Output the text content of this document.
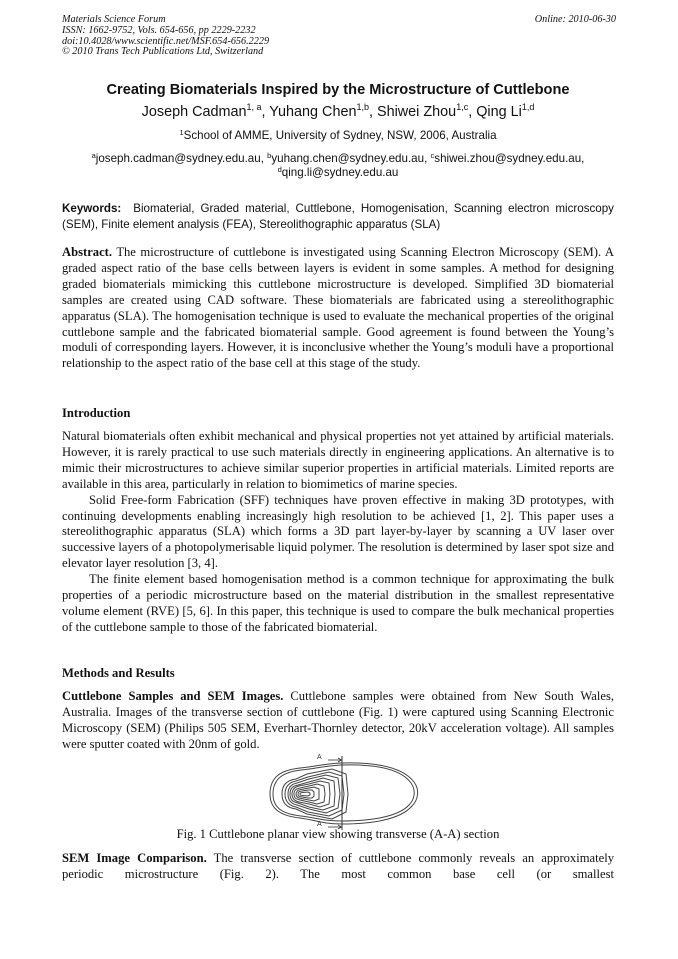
Materials Science Forum
ISSN: 1662-9752, Vols. 654-656, pp 2229-2232
doi:10.4028/www.scientific.net/MSF.654-656.2229
© 2010 Trans Tech Publications Ltd, Switzerland
Online: 2010-06-30
Creating Biomaterials Inspired by the Microstructure of Cuttlebone
Joseph Cadman$^{1, a}$, Yuhang Chen$^{1,b}$, Shiwei Zhou$^{1,c}$, Qing Li$^{1,d}$
$^1$School of AMME, University of Sydney, NSW, 2006, Australia
$^a$joseph.cadman@sydney.edu.au, $^b$yuhang.chen@sydney.edu.au, $^c$shiwei.zhou@sydney.edu.au,
$^d$qing.li@sydney.edu.au
Keywords: Biomaterial, Graded material, Cuttlebone, Homogenisation, Scanning electron microscopy (SEM), Finite element analysis (FEA), Stereolithographic apparatus (SLA)

Abstract. The microstructure of cuttlebone is investigated using Scanning Electron Microscopy (SEM). A graded aspect ratio of the base cells between layers is evident in some samples. A method for designing graded biomaterials mimicking this cuttlebone microstructure is developed. Simplified 3D biomaterial samples are created using CAD software. These biomaterials are fabricated using a stereolithographic apparatus (SLA). The homogenisation technique is used to evaluate the mechanical properties of the original cuttlebone sample and the fabricated biomaterial sample. Good agreement is found between the Young’s moduli of corresponding layers. However, it is inconclusive whether the Young’s moduli have a proportional relationship to the aspect ratio of the base cell at this stage of the study.

Introduction

Natural biomaterials often exhibit mechanical and physical properties not yet attained by artificial materials. However, it is rarely practical to use such materials directly in engineering applications. An alternative is to mimic their microstructures to achieve similar superior properties in artificial materials. Limited reports are available in this area, particularly in relation to biomimetics of marine species.

Solid Free-form Fabrication (SFF) techniques have proven effective in making 3D prototypes, with continuing developments enabling increasingly high resolution to be achieved [1, 2]. This paper uses a stereolithographic apparatus (SLA) which forms a 3D part layer-by-layer by scanning a UV laser over successive layers of a photopolymerisable liquid polymer. The resolution is determined by laser spot size and elevator layer resolution [3, 4].

The finite element based homogenisation method is a common technique for approximating the bulk properties of a periodic microstructure based on the material distribution in the smallest representative volume element (RVE) [5, 6]. In this paper, this technique is used to compare the bulk mechanical properties of the cuttlebone sample to those of the fabricated biomaterial.

Methods and Results

Cuttlebone Samples and SEM Images. Cuttlebone samples were obtained from New South Wales, Australia. Images of the transverse section of cuttlebone (Fig. 1) were captured using Scanning Electronic Microscopy (SEM) (Philips 505 SEM, Everhart-Thornley detector, 20kV acceleration voltage). All samples were sputter coated with 20nm of gold.

A
A
Fig. 1 Cuttlebone planar view showing transverse (A-A) section

SEM Image Comparison. The transverse section of cuttlebone commonly reveals an approximately periodic microstructure (Fig. 2). The most common base cell (or smallest
